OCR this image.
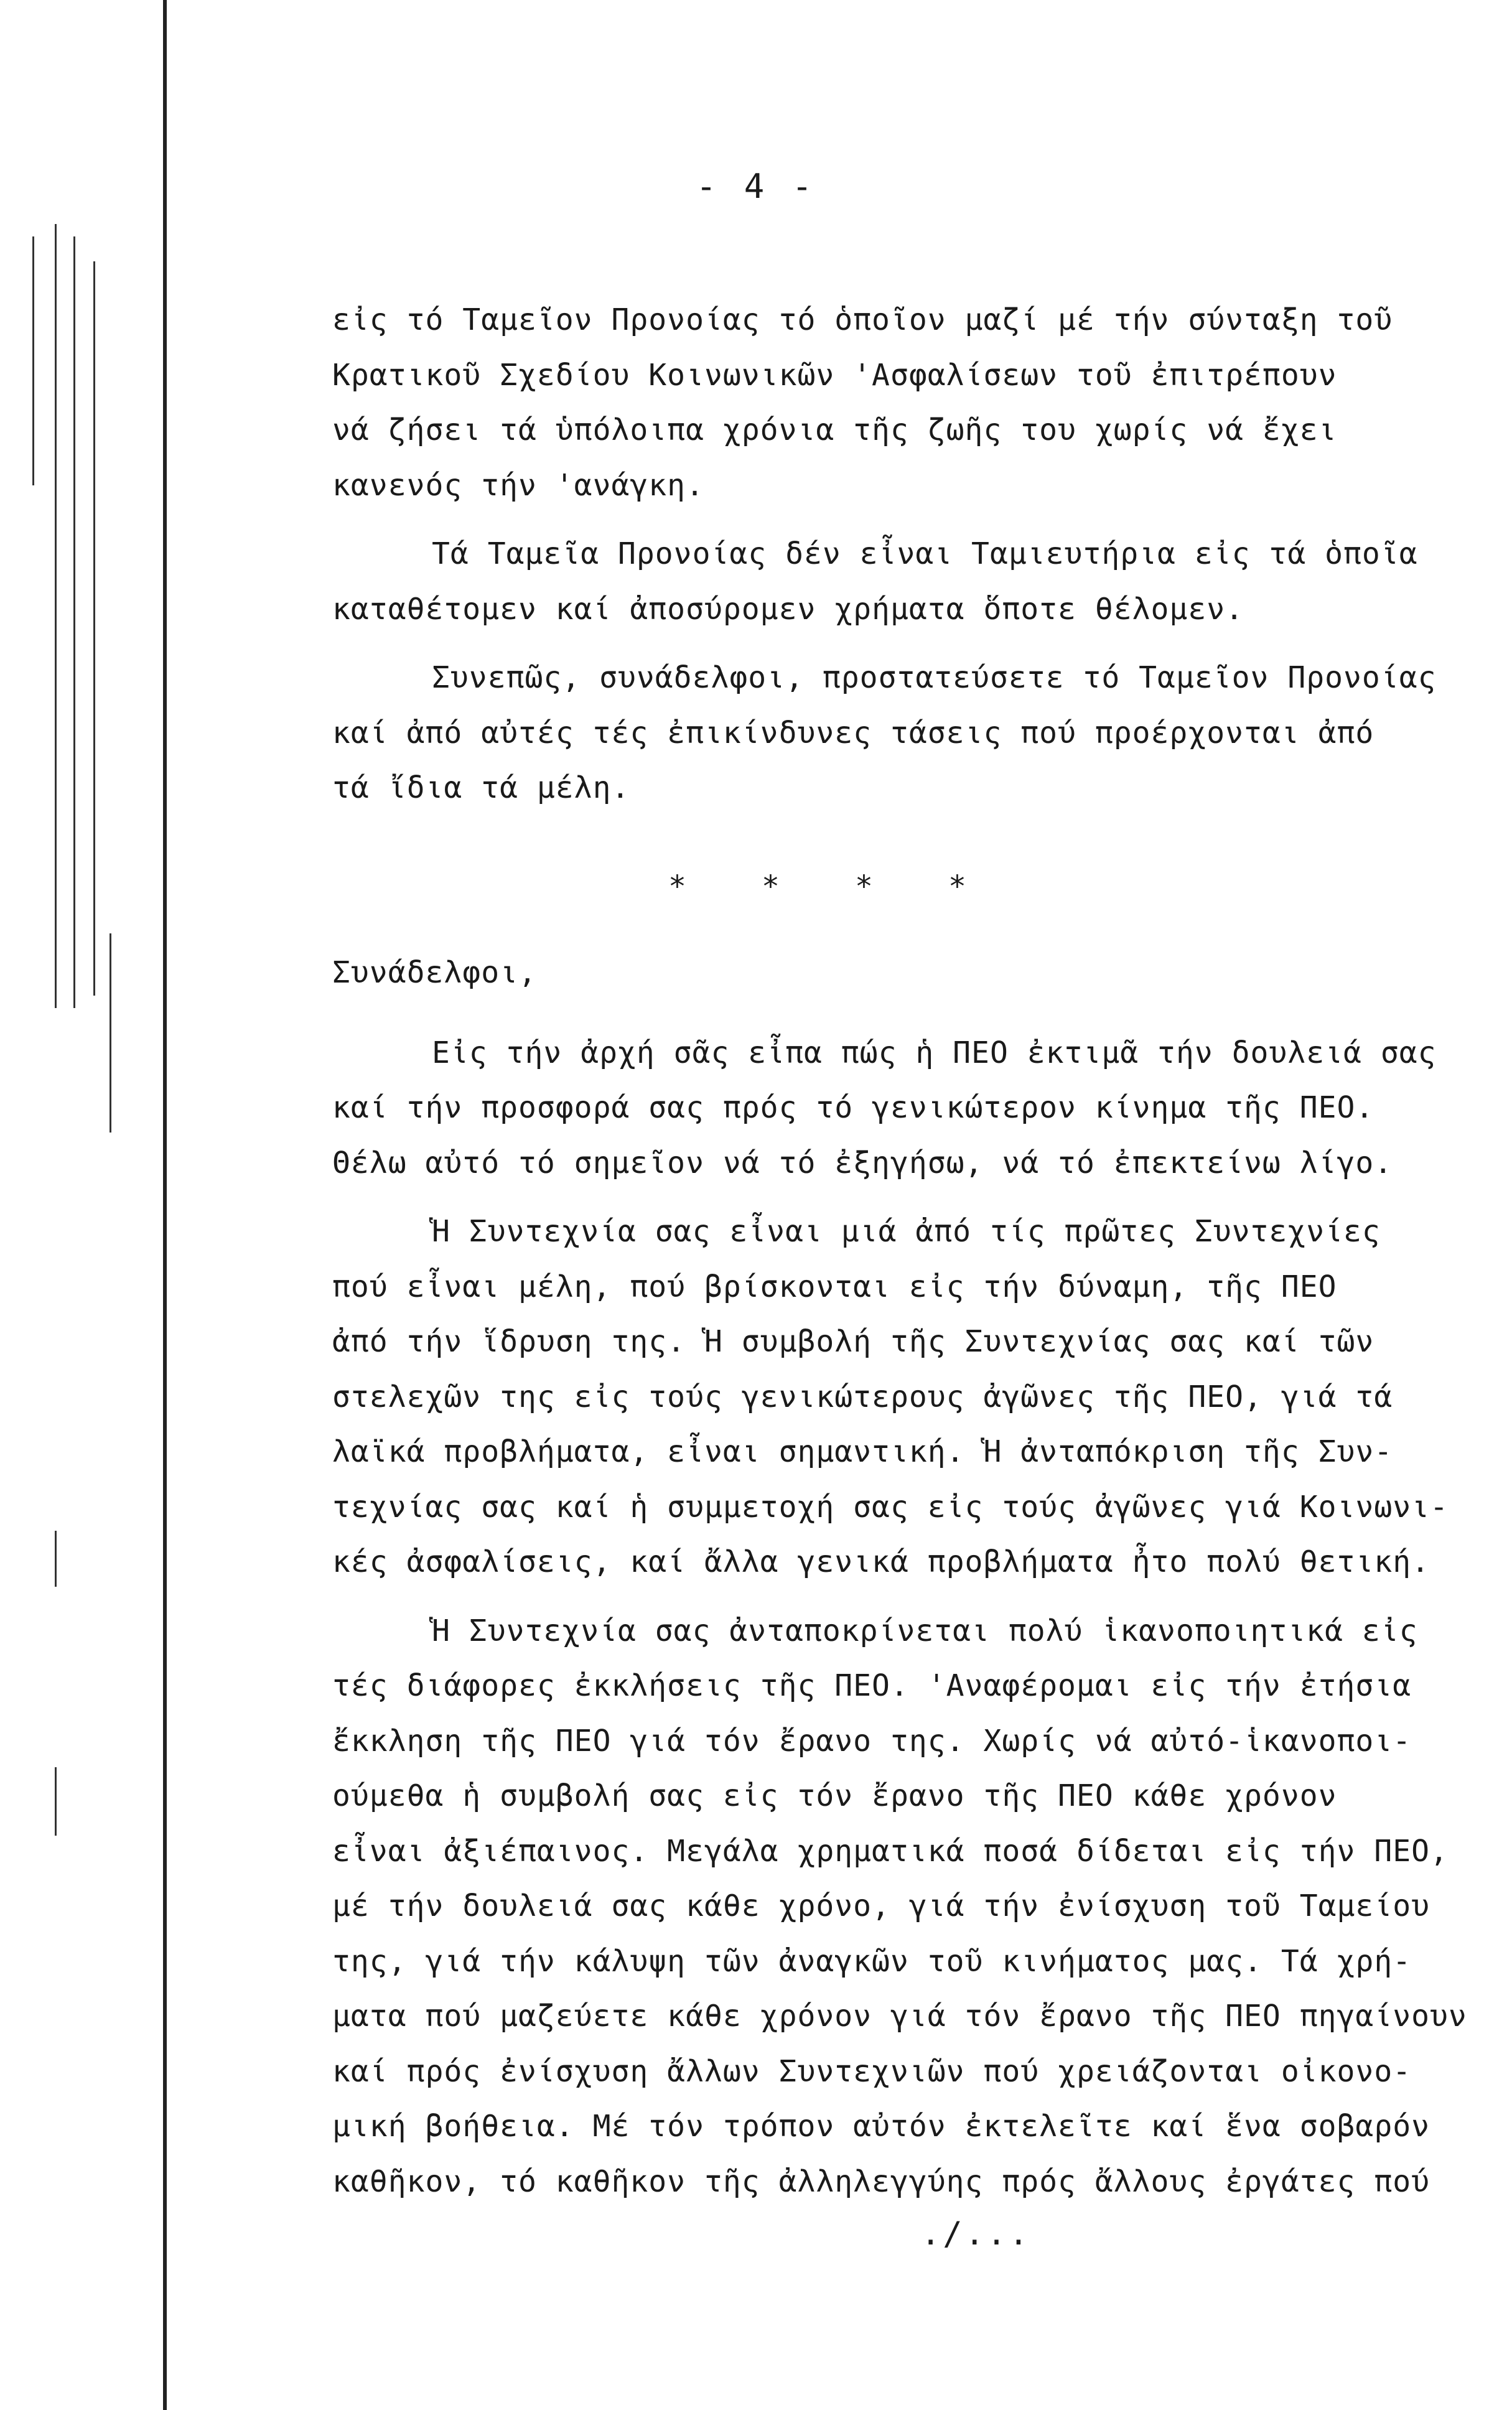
- 4 -
εἰς τό Ταμεῖον Προνοίας τό ὁποῖον μαζί μέ τήν σύνταξη τοῦ
Κρατικοῦ Σχεδίου Κοινωνικῶν 'Ασφαλίσεων τοῦ ἐπιτρέπουν
νά ζήσει τά ὑπόλοιπα χρόνια τῆς ζωῆς του χωρίς νά ἔχει
κανενός τήν 'ανάγκη.
Τά Ταμεῖα Προνοίας δέν εἶναι Ταμιευτήρια εἰς τά ὁποῖα
καταθέτομεν καί ἀποσύρομεν χρήματα ὅποτε θέλομεν.
Συνεπῶς, συνάδελφοι, προστατεύσετε τό Ταμεῖον Προνοίας
καί ἀπό αὐτές τές ἐπικίνδυνες τάσεις πού προέρχονται ἀπό
τά ἴδια τά μέλη.
*	*	*	*
Συνάδελφοι,
Εἰς τήν ἀρχή σᾶς εἶπα πώς ἡ ΠΕΟ ἐκτιμᾶ τήν δουλειά σας
καί τήν προσφορά σας πρός τό γενικώτερον κίνημα τῆς ΠΕΟ.
Θέλω αὐτό τό σημεῖον νά τό ἐξηγήσω, νά τό ἐπεκτείνω λίγο.
Ἡ Συντεχνία σας εἶναι μιά ἀπό τίς πρῶτες Συντεχνίες
πού εἶναι μέλη, πού βρίσκονται εἰς τήν δύναμη, τῆς ΠΕΟ
ἀπό τήν ἵδρυση της. Ἡ συμβολή τῆς Συντεχνίας σας καί τῶν
στελεχῶν της εἰς τούς γενικώτερους ἀγῶνες τῆς ΠΕΟ, γιά τά
λαϊκά προβλήματα, εἶναι σημαντική. Ἡ ἀνταπόκριση τῆς Συν-
τεχνίας σας καί ἡ συμμετοχή σας εἰς τούς ἀγῶνες γιά Κοινωνι-
κές ἀσφαλίσεις, καί ἄλλα γενικά προβλήματα ἦτο πολύ θετική.
Ἡ Συντεχνία σας ἀνταποκρίνεται πολύ ἱκανοποιητικά εἰς
τές διάφορες ἐκκλήσεις τῆς ΠΕΟ. 'Αναφέρομαι εἰς τήν ἐτήσια
ἔκκληση τῆς ΠΕΟ γιά τόν ἔρανο της. Χωρίς νά αὐτό-ἱκανοποι-
ούμεθα ἡ συμβολή σας εἰς τόν ἔρανο τῆς ΠΕΟ κάθε χρόνον
εἶναι ἀξιέπαινος. Μεγάλα χρηματικά ποσά δίδεται εἰς τήν ΠΕΟ,
μέ τήν δουλειά σας κάθε χρόνο, γιά τήν ἐνίσχυση τοῦ Ταμείου
της, γιά τήν κάλυψη τῶν ἀναγκῶν τοῦ κινήματος μας. Τά χρή-
ματα πού μαζεύετε κάθε χρόνον γιά τόν ἔρανο τῆς ΠΕΟ πηγαίνουν
καί πρός ἐνίσχυση ἄλλων Συντεχνιῶν πού χρειάζονται οἰκονο-
μική βοήθεια. Μέ τόν τρόπον αὐτόν ἐκτελεῖτε καί ἕνα σοβαρόν
καθῆκον, τό καθῆκον τῆς ἀλληλεγγύης πρός ἄλλους ἐργάτες πού
./...
